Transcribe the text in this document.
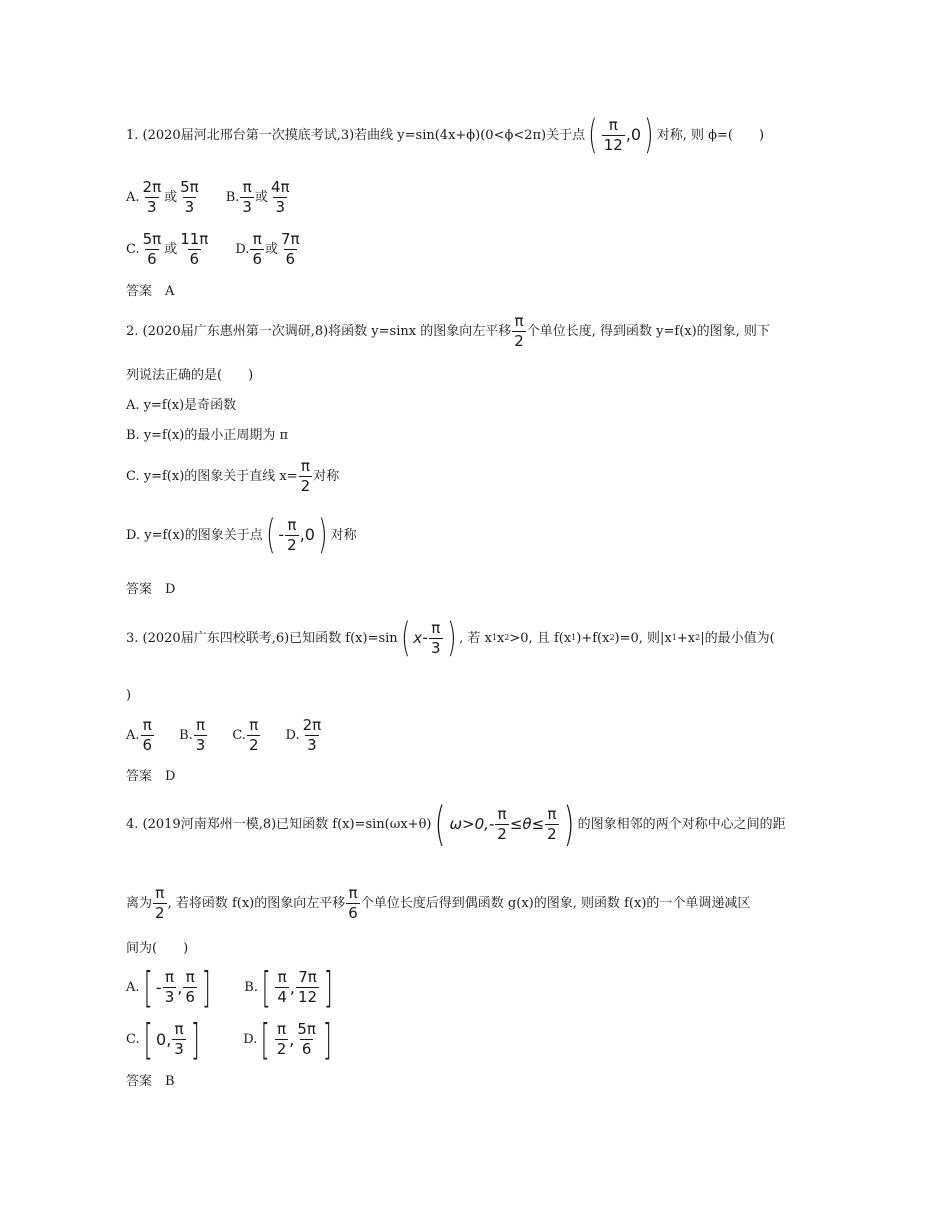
1. (2020届河北邢台第一次摸底考试,3)若曲线 y=sin(4x+ϕ)(0<ϕ<2π)关于点 ( $\frac{\pi}{12}$ , 0 ) 对称, 则 ϕ=(　　)
A. $\frac{2\pi}{3}$ 或 $\frac{5\pi}{3} B$. $\frac{\pi}{3}$ 或 $\frac{4\pi}{3}$
C. $\frac{5\pi}{6}$ 或 $\frac{11\pi}{6} D$. $\frac{\pi}{6}$ 或 $\frac{7\pi}{6}$
答案　A
2. (2020届广东惠州第一次调研,8)将函数 y=sinx 的图象向左平移 $\frac{\pi}{2}$ 个单位长度, 得到函数 y=f(x)的图象, 则下
列说法正确的是(　　)
A. y=f(x)是奇函数
B. y=f(x)的最小正周期为 π
C. y=f(x)的图象关于直线 $x= \frac{\pi}{2}$ 对称
D. y=f(x)的图象关于点 ( - $\frac{\pi}{2}$ , 0 ) 对称
答案　D
3. (2020届广东四校联考,6)已知函数 f(x)=sin ( x - $\frac{\pi}{3}$ ) , 若 x 1 x 2 >0, 且 f(x 1 )+f(x 2 )=0, 则|x 1 +x 2 |的最小值为(
)
A. $\frac{\pi}{6} B$. $\frac{\pi}{3} C$. $\frac{\pi}{2} D$. $\frac{2\pi}{3}$
答案　D
4. (2019河南郑州一模,8)已知函数 f(x)=sin(ωx+θ) ( $\omega>0,- \frac{\pi}{2} \le\theta\le \frac{\pi}{2}$ ) 的图象相邻的两个对称中心之间的距
离为 $\frac{\pi}{2}$ , 若将函数 f(x)的图象向左平移 $\frac{\pi}{6}$ 个单位长度后得到偶函数 g(x)的图象, 则函数 f(x)的一个单调递减区
间为(　　)
A. [ - $\frac{\pi}{3}$ , $\frac{\pi}{6}$ ]	B. [ $\frac{\pi}{4}$ , $\frac{7\pi}{12}$ ]
C. [ 0 , $\frac{\pi}{3}$ ]	D. [ $\frac{\pi}{2}$ , $\frac{5\pi}{6}$ ]
答案　B
